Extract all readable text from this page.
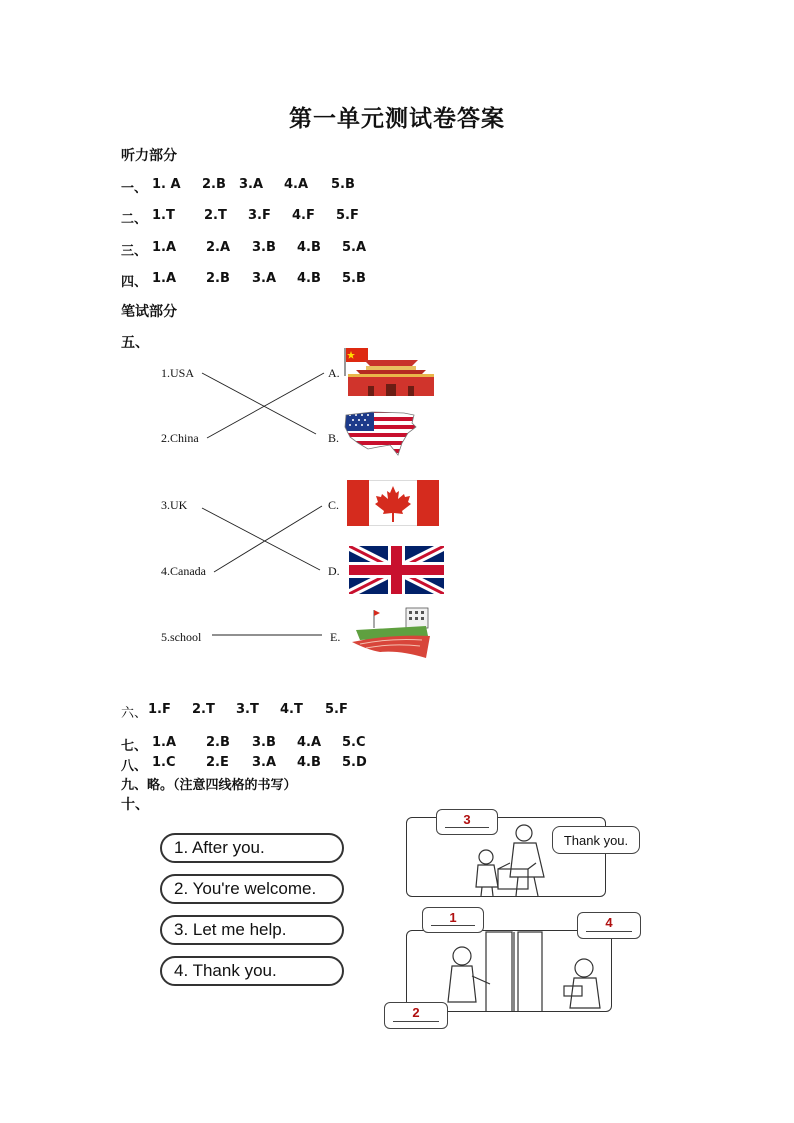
第一单元测试卷答案
听力部分
一、 1. A 2.B 3.A 4.A 5.B
二、 1.T 2.T 3.F 4.F 5.F
三、 1.A 2.A 3.B 4.B 5.A
四、 1.A 2.B 3.A 4.B 5.B
笔试部分
五、
1.USA
2.China
3.UK
4.Canada
5.school
A.
B.
C.
D.
E.
六、 1.F 2.T 3.T 4.T 5.F
七、 1.A 2.B 3.B 4.A 5.C
八、 1.C 2.E 3.A 4.B 5.D
九、略。（注意四线格的书写）
十、
1. After you.
2. You're welcome.
3. Let me help.
4. Thank you.
3
Thank you.
1	4
2
